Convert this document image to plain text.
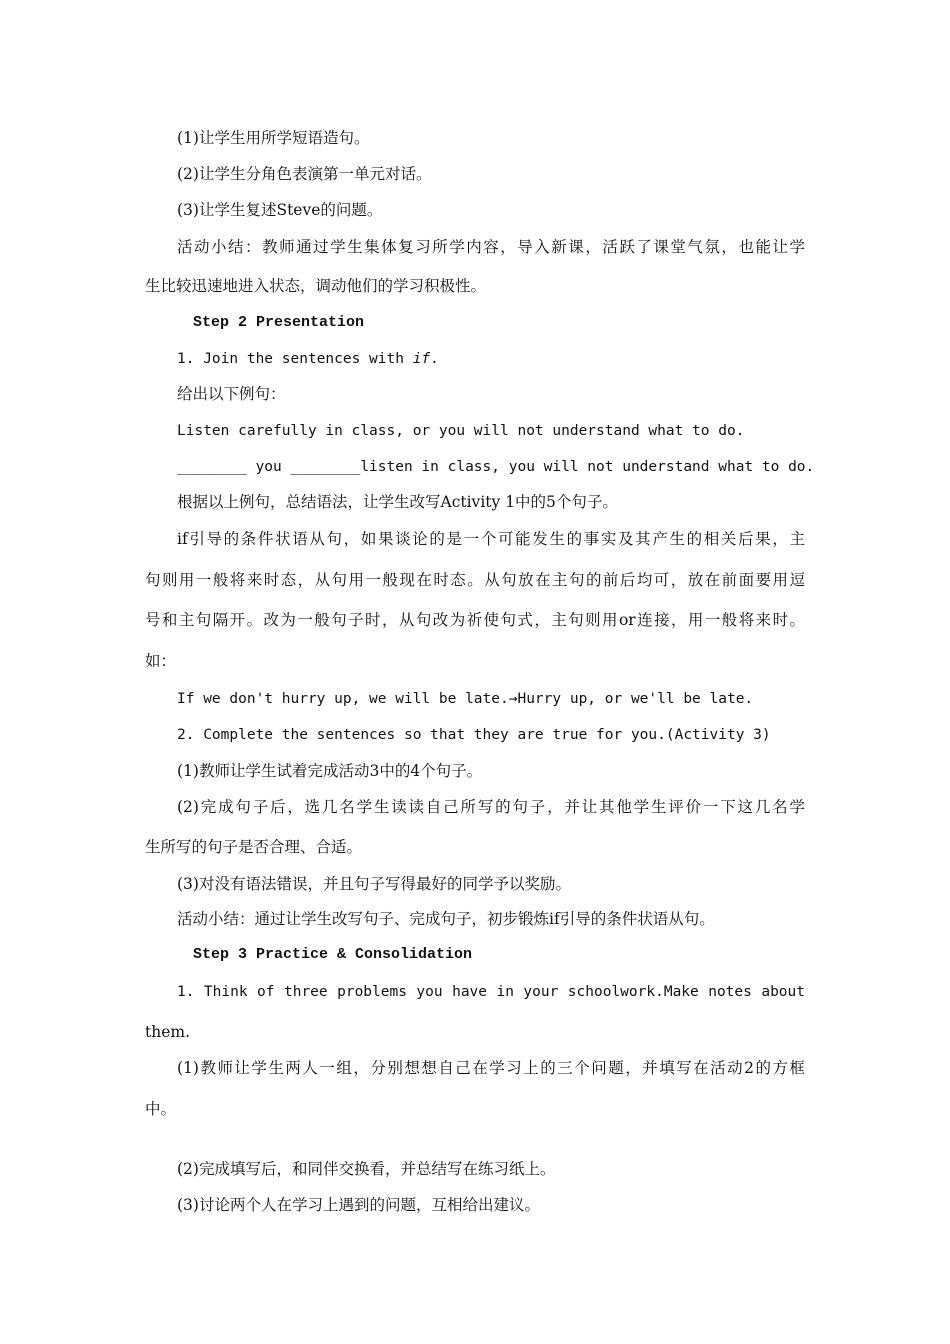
(1)让学生用所学短语造句。
(2)让学生分角色表演第一单元对话。
(3)让学生复述Steve的问题。
活动小结：教师通过学生集体复习所学内容，导入新课，活跃了课堂气氛，也能让学
生比较迅速地进入状态，调动他们的学习积极性。
Step 2 Presentation
1. Join the sentences with if.
给出以下例句：
Listen carefully in class, or you will not understand what to do.
________ you ________listen in class, you will not understand what to do.
根据以上例句，总结语法，让学生改写Activity 1中的5个句子。
if引导的条件状语从句，如果谈论的是一个可能发生的事实及其产生的相关后果，主
句则用一般将来时态，从句用一般现在时态。从句放在主句的前后均可，放在前面要用逗
号和主句隔开。改为一般句子时，从句改为祈使句式，主句则用or连接，用一般将来时。
如：
If we don't hurry up, we will be late.→Hurry up, or we'll be late.
2. Complete the sentences so that they are true for you.(Activity 3)
(1)教师让学生试着完成活动3中的4个句子。
(2)完成句子后，选几名学生读读自己所写的句子，并让其他学生评价一下这几名学
生所写的句子是否合理、合适。
(3)对没有语法错误，并且句子写得最好的同学予以奖励。
活动小结：通过让学生改写句子、完成句子，初步锻炼if引导的条件状语从句。
Step 3 Practice & Consolidation
1. Think of three problems you have in your schoolwork.Make notes about
them.
(1)教师让学生两人一组，分别想想自己在学习上的三个问题，并填写在活动2的方框
中。
(2)完成填写后，和同伴交换看，并总结写在练习纸上。
(3)讨论两个人在学习上遇到的问题，互相给出建议。
